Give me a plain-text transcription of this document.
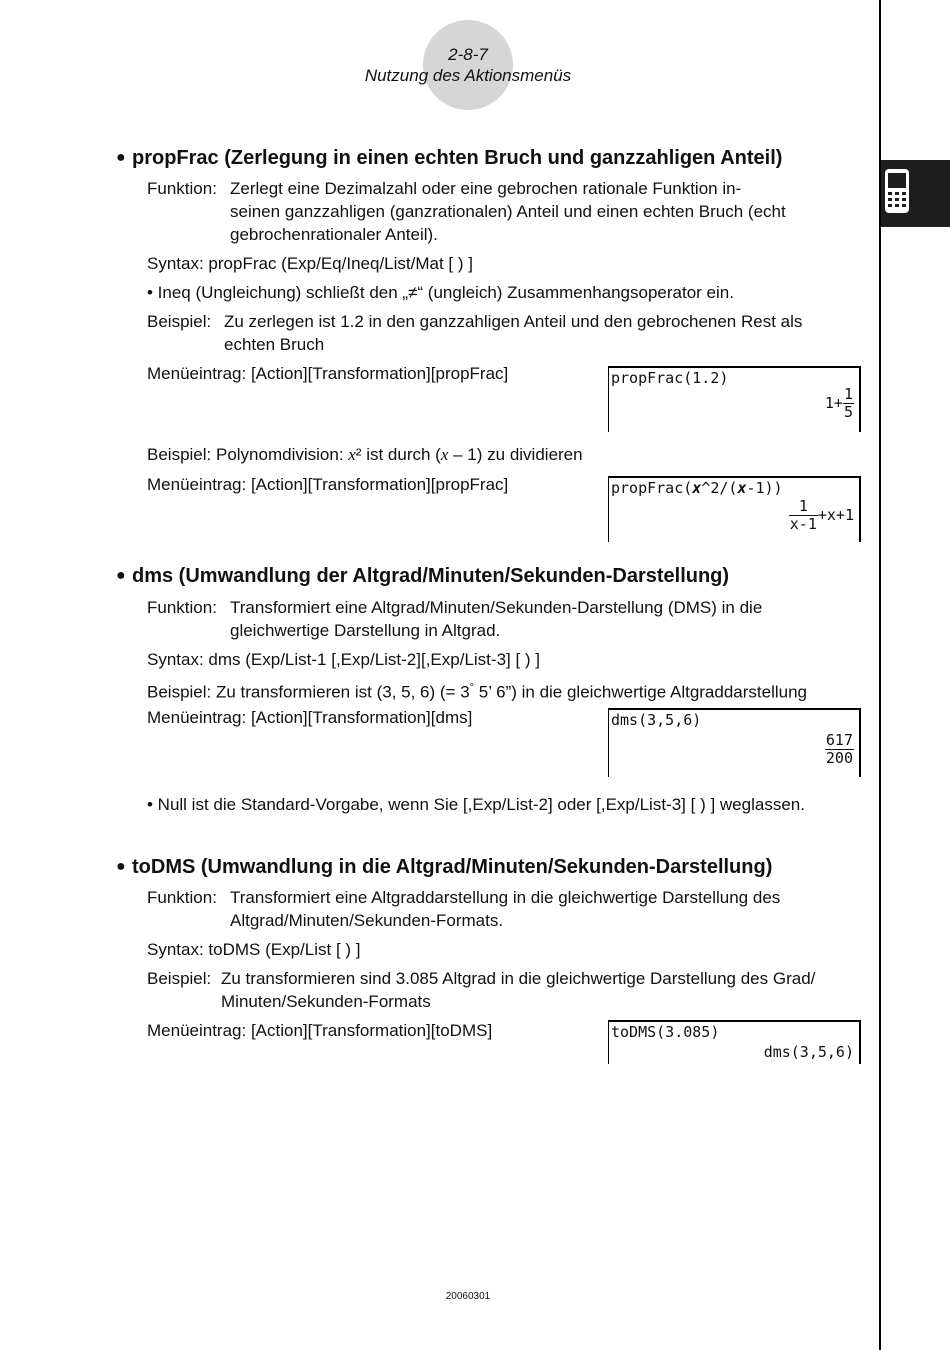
2-8-7
Nutzung des Aktionsmenüs
● propFrac (Zerlegung in einen echten Bruch und ganzzahligen Anteil)
Funktion: Zerlegt eine Dezimalzahl oder eine gebrochen rationale Funktion in-
seinen ganzzahligen (ganzrationalen) Anteil und einen echten Bruch (echt
gebrochenrationaler Anteil).
Syntax: propFrac (Exp/Eq/Ineq/List/Mat [ ) ]
• Ineq (Ungleichung) schließt den „≠“ (ungleich) Zusammenhangsoperator ein.
Beispiel: Zu zerlegen ist 1.2 in den ganzzahligen Anteil und den gebrochenen Rest als
echten Bruch
Menüeintrag: [Action][Transformation][propFrac]	propFrac(1.2)
$1+ \frac{1}{5}$
Beispiel: Polynomdivision: x² ist durch (x – 1) zu dividieren
Menüeintrag: [Action][Transformation][propFrac]	propFrac(x^2/(x-1))
$\frac{1}{x-1} +x+1$
● dms (Umwandlung der Altgrad/Minuten/Sekunden-Darstellung)
Funktion: Transformiert eine Altgrad/Minuten/Sekunden-Darstellung (DMS) in die
gleichwertige Darstellung in Altgrad.
Syntax: dms (Exp/List-1 [,Exp/List-2][,Exp/List-3] [ ) ]
Beispiel: Zu transformieren ist (3, 5, 6) (= 3° 5’ 6”) in die gleichwertige Altgraddarstellung
Menüeintrag: [Action][Transformation][dms]	dms(3,5,6)
$\frac{617}{200}$
• Null ist die Standard-Vorgabe, wenn Sie [,Exp/List-2] oder [,Exp/List-3] [ ) ] weglassen.
● toDMS (Umwandlung in die Altgrad/Minuten/Sekunden-Darstellung)
Funktion: Transformiert eine Altgraddarstellung in die gleichwertige Darstellung des
Altgrad/Minuten/Sekunden-Formats.
Syntax: toDMS (Exp/List [ ) ]
Beispiel: Zu transformieren sind 3.085 Altgrad in die gleichwertige Darstellung des Grad/
Minuten/Sekunden-Formats
Menüeintrag: [Action][Transformation][toDMS]	toDMS(3.085)
dms(3,5,6)
20060301
